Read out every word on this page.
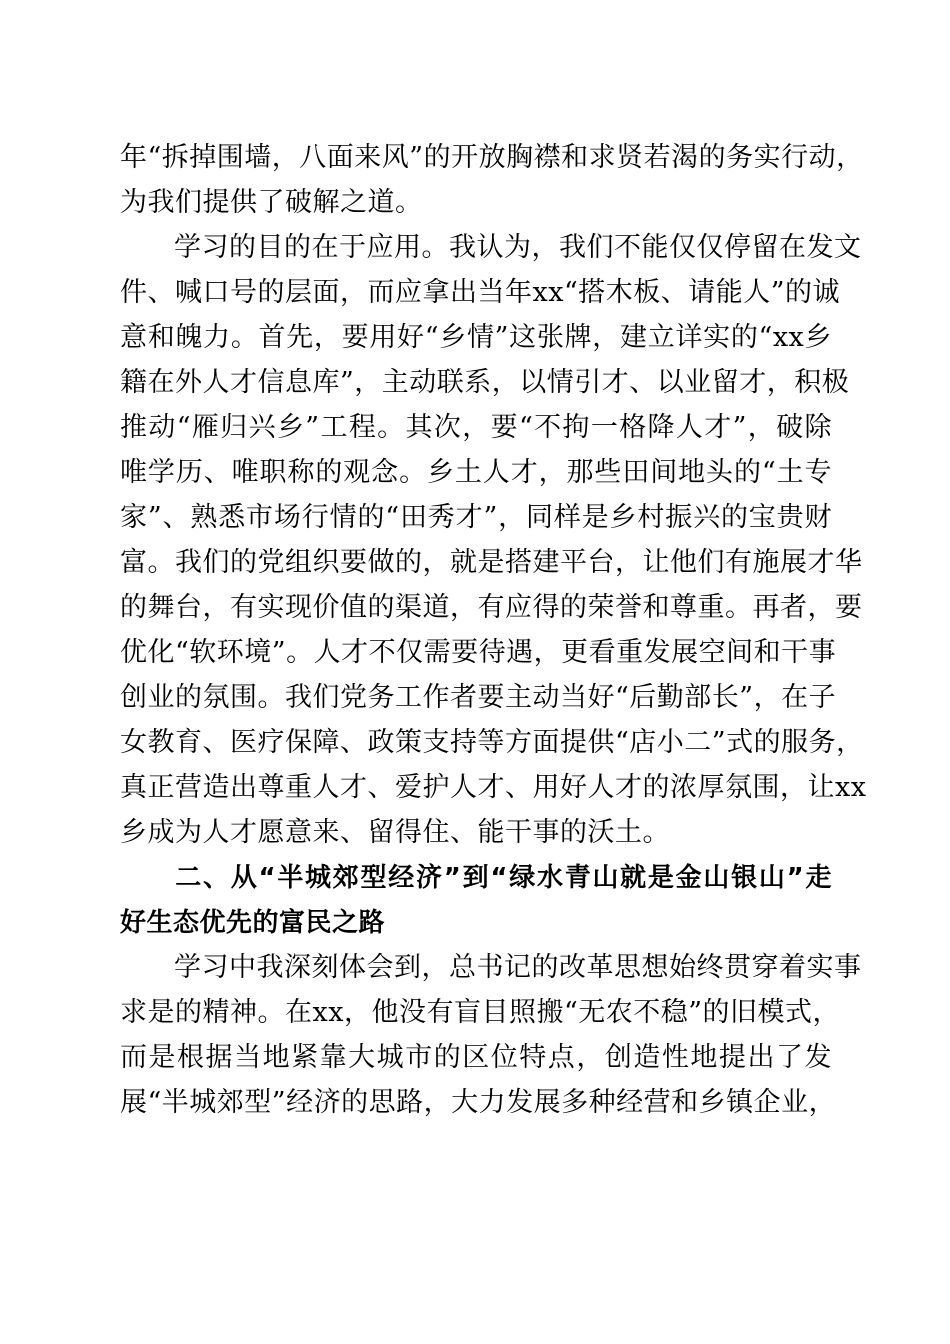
年“拆掉围墙，八面来风”的开放胸襟和求贤若渴的务实行动，
为我们提供了破解之道。
学习的目的在于应用。我认为，我们不能仅仅停留在发文
件、喊口号的层面，而应拿出当年xx“搭木板、请能人”的诚
意和魄力。首先，要用好“乡情”这张牌，建立详实的“xx乡
籍在外人才信息库”，主动联系，以情引才、以业留才，积极
推动“雁归兴乡”工程。其次，要“不拘一格降人才”，破除
唯学历、唯职称的观念。乡土人才，那些田间地头的“土专
家”、熟悉市场行情的“田秀才”，同样是乡村振兴的宝贵财
富。我们的党组织要做的，就是搭建平台，让他们有施展才华
的舞台，有实现价值的渠道，有应得的荣誉和尊重。再者，要
优化“软环境”。人才不仅需要待遇，更看重发展空间和干事
创业的氛围。我们党务工作者要主动当好“后勤部长”，在子
女教育、医疗保障、政策支持等方面提供“店小二”式的服务，
真正营造出尊重人才、爱护人才、用好人才的浓厚氛围，让xx
乡成为人才愿意来、留得住、能干事的沃土。
二、从“半城郊型经济”到“绿水青山就是金山银山”走
好生态优先的富民之路
学习中我深刻体会到，总书记的改革思想始终贯穿着实事
求是的精神。在xx，他没有盲目照搬“无农不稳”的旧模式，
而是根据当地紧靠大城市的区位特点，创造性地提出了发
展“半城郊型”经济的思路，大力发展多种经营和乡镇企业，
